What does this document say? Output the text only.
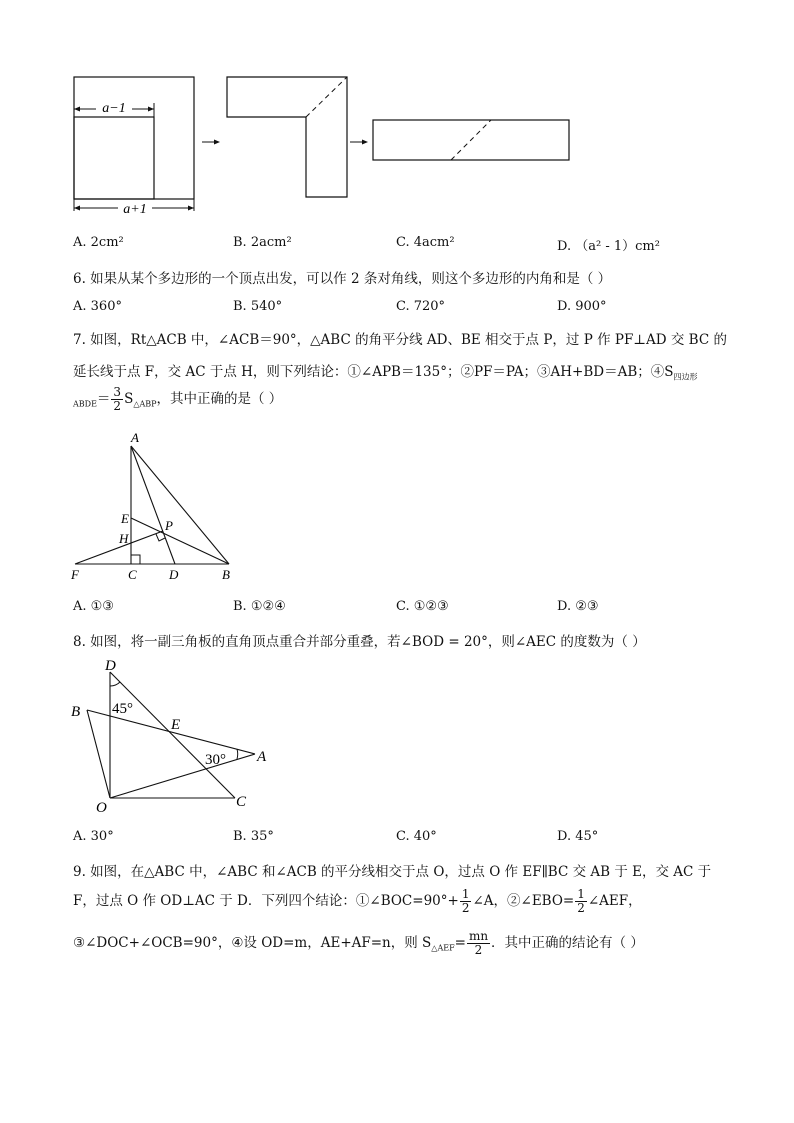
a−1
a+1
A. 2cm²	B. 2acm²	C. 4acm²	D. （a² - 1）cm²
6. 如果从某个多边形的一个顶点出发，可以作 2 条对角线，则这个多边形的内角和是（ ）
A. 360°	B. 540°	C. 720°	D. 900°
7. 如图，Rt△ACB 中，∠ACB＝90°，△ABC 的角平分线 AD、BE 相交于点 P，过 P 作 PF⊥AD 交 BC 的
延长线于点 F，交 AC 于点 H，则下列结论：①∠APB＝135°；②PF＝PA；③AH+BD＝AB；$④S_{四边形}$
$_{ABDE}= \frac{3}{2} S_{\triangle ABP}$，其中正确的是（ ）
A
E	P
H
F	C D	B
A. ①③	B. ①②④	C. ①②③	D. ②③
8. 如图，将一副三角板的直角顶点重合并部分重叠，若∠BOD = 20°，则∠AEC 的度数为（ ）
D
B
E
A
O	C
45°
30°
A. 30°	B. 35°	C. 40°	D. 45°
9. 如图，在△ABC 中，∠ABC 和∠ACB 的平分线相交于点 O，过点 O 作 EF∥BC 交 AB 于 E，交 AC 于
F，过点 O 作 OD⊥AC 于 D．下列四个结论：①∠BOC=90°+ $\frac{1}{2}$ ∠A，②∠EBO= $\frac{1}{2}$ ∠AEF，
③∠DOC+∠OCB=90°，④设 OD=m，AE+AF=n，则 $S_{\triangle AEF}= \frac{mn}{2}$ ．其中正确的结论有（ ）
